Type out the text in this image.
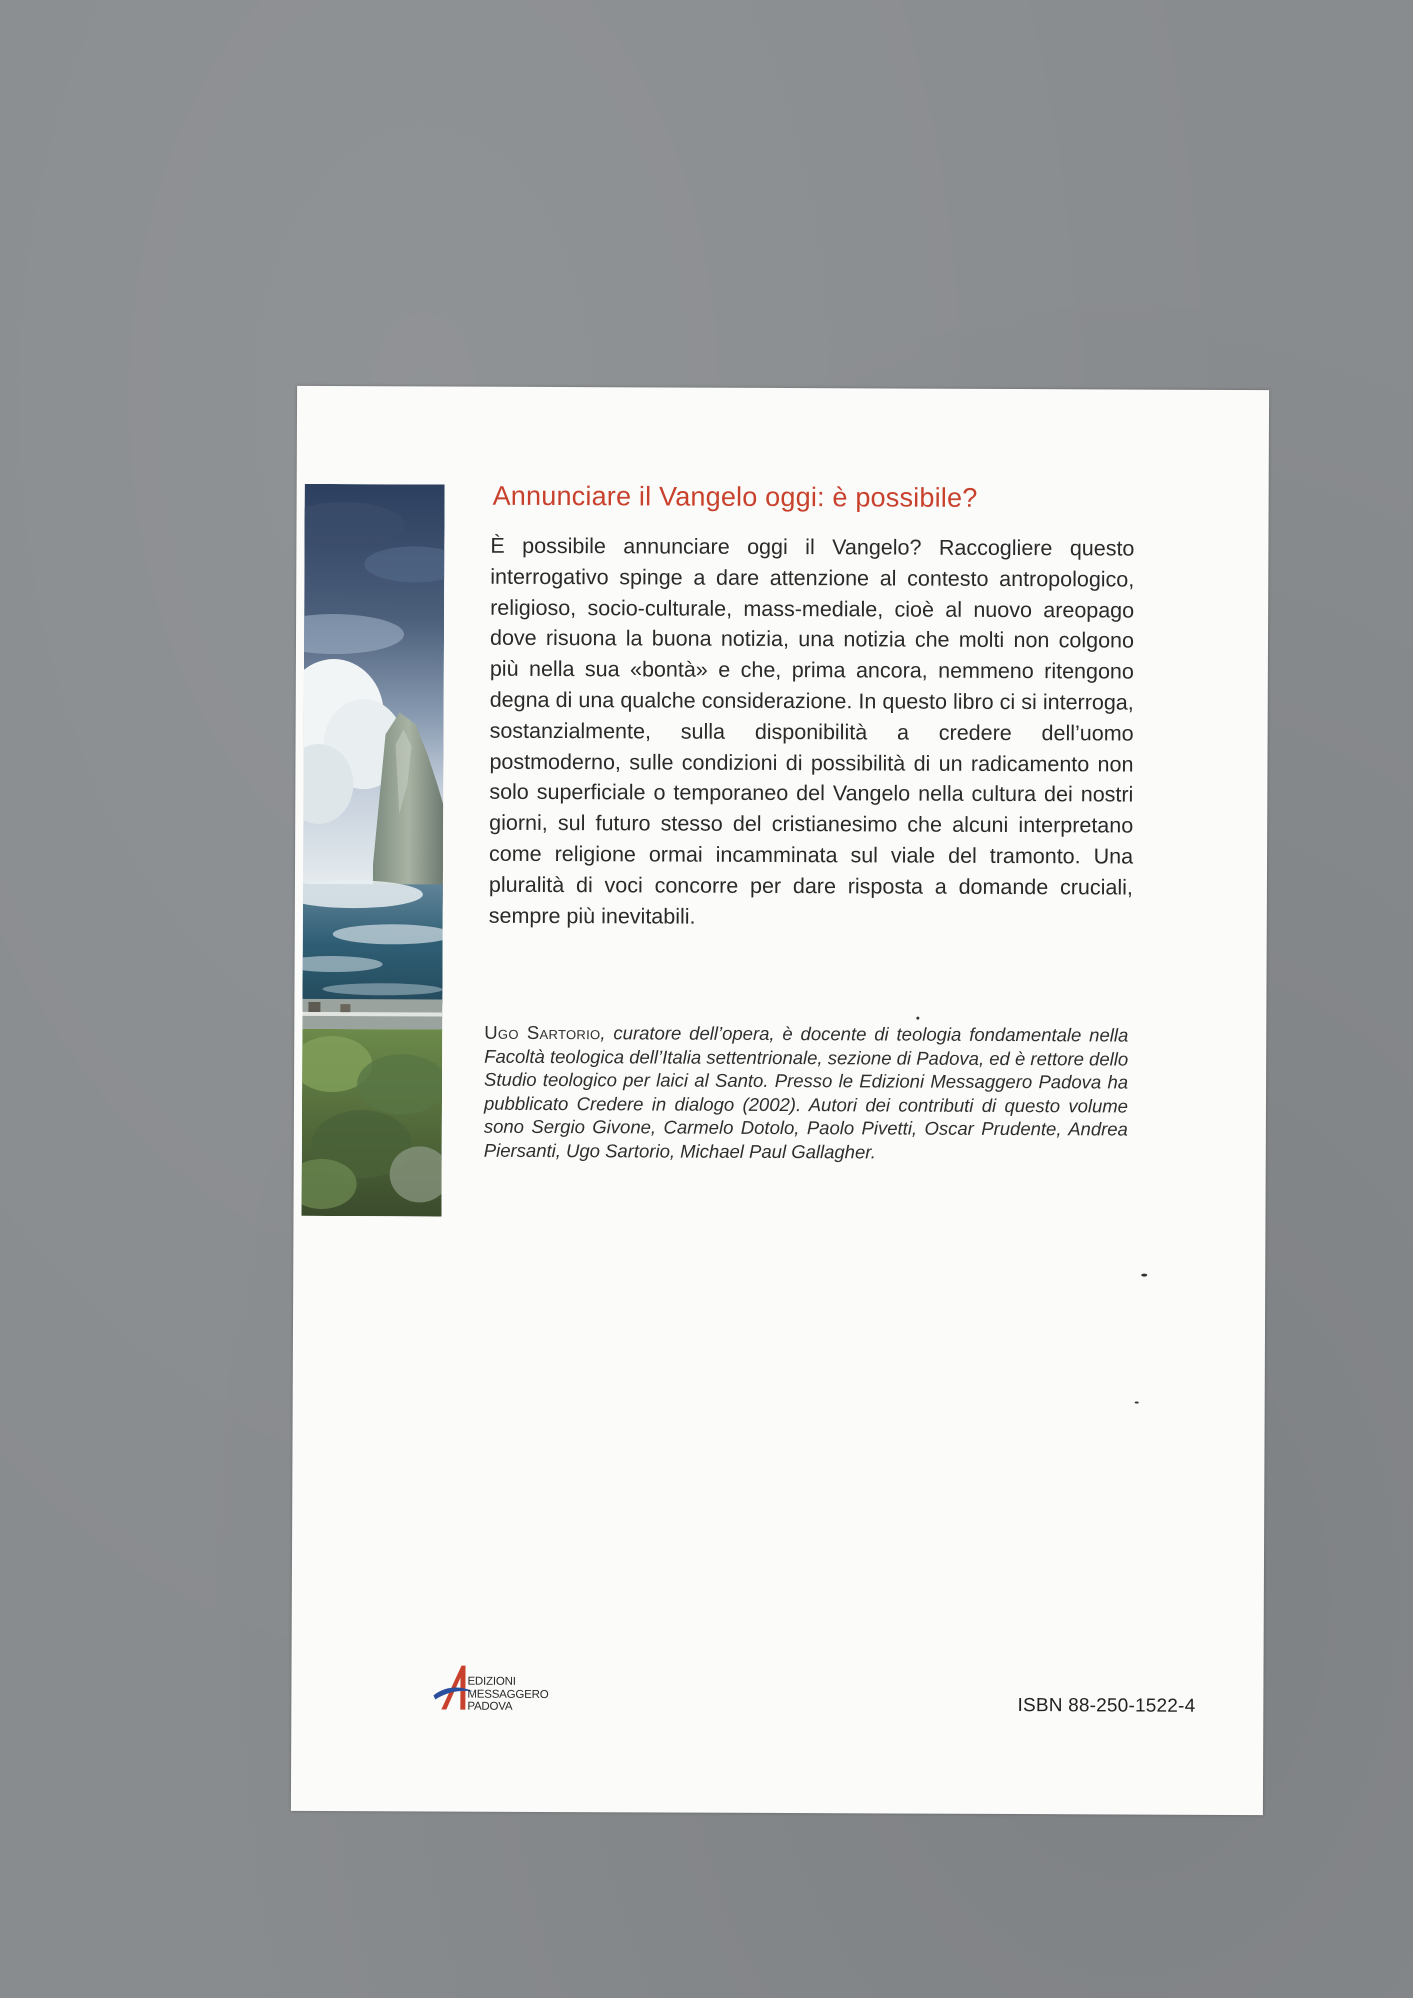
Annunciare il Vangelo oggi: è possibile?
È possibile annunciare oggi il Vangelo? Raccogliere questo interrogativo spinge a dare attenzione al contesto antropologico, religioso, socio-culturale, mass-mediale, cioè al nuovo areopago dove risuona la buona notizia, una notizia che molti non colgono più nella sua «bontà» e che, prima ancora, nemmeno ritengono degna di una qualche considerazione. In questo libro ci si interroga, sostanzialmente, sulla disponibilità a credere dell’uomo postmoderno, sulle condizioni di possibilità di un radicamento non solo superficiale o temporaneo del Vangelo nella cultura dei nostri giorni, sul futuro stesso del cristianesimo che alcuni interpretano come religione ormai incamminata sul viale del tramonto. Una pluralità di voci concorre per dare risposta a domande cruciali, sempre più inevitabili.
Ugo Sartorio, curatore dell’opera, è docente di teologia fondamentale nella Facoltà teologica dell’Italia settentrionale, sezione di Padova, ed è rettore dello Studio teologico per laici al Santo. Presso le Edizioni Messaggero Padova ha pubblicato Credere in dialogo (2002). Autori dei contributi di questo volume sono Sergio Givone, Carmelo Dotolo, Paolo Pivetti, Oscar Prudente, Andrea Piersanti, Ugo Sartorio, Michael Paul Gallagher.
EDIZIONI
MESSAGGERO
PADOVA	ISBN 88-250-1522-4
